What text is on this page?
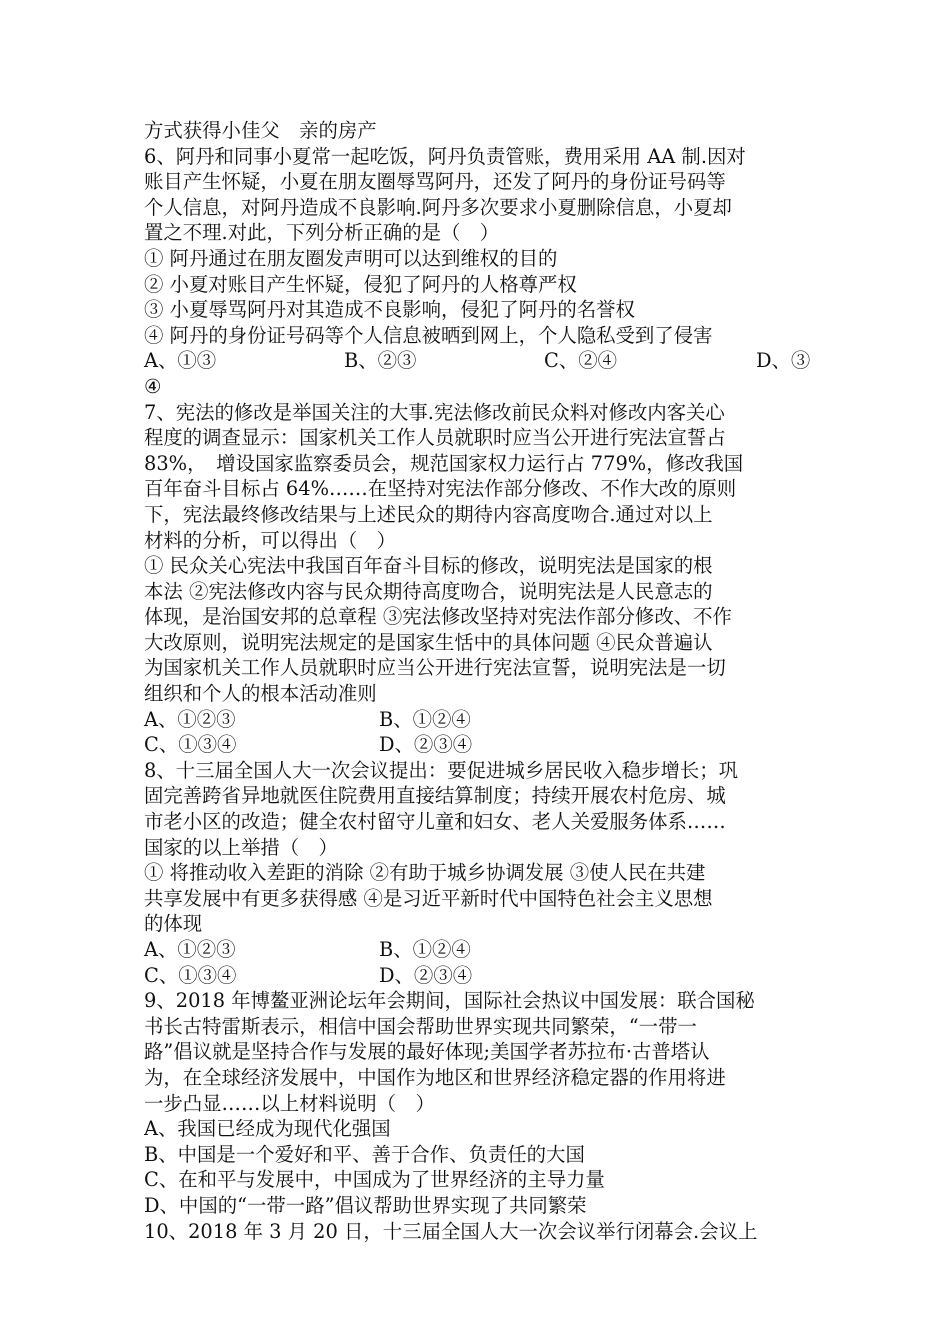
方式获得小佳父　亲的房产
6、阿丹和同事小夏常一起吃饭，阿丹负责管账，费用采用 AA 制.因对
账目产生怀疑，小夏在朋友圈辱骂阿丹，还发了阿丹的身份证号码等
个人信息，对阿丹造成不良影响.阿丹多次要求小夏删除信息，小夏却
置之不理.对此，下列分析正确的是（　）
① 阿丹通过在朋友圈发声明可以达到维权的目的
② 小夏对账目产生怀疑，侵犯了阿丹的人格尊严权
③ 小夏辱骂阿丹对其造成不良影响，侵犯了阿丹的名誉权
④ 阿丹的身份证号码等个人信息被晒到网上，个人隐私受到了侵害
A、①③	B、②③	C、②④	D、③
④
7、宪法的修改是举国关注的大事.宪法修改前民众料对修改内客关心
程度的调查显示：国家机关工作人员就职时应当公开进行宪法宣誓占
83%，　增设国家监察委员会，规范国家权力运行占 779%，修改我国
百年奋斗目标占 64%……在坚持对宪法作部分修改、不作大改的原则
下，宪法最终修改结果与上述民众的期待内容高度吻合.通过对以上
材料的分析，可以得出（　）
① 民众关心宪法中我国百年奋斗目标的修改，说明宪法是国家的根
本法 ②宪法修改内容与民众期待高度吻合，说明宪法是人民意志的
体现，是治国安邦的总章程 ③宪法修改坚持对宪法作部分修改、不作
大改原则，说明宪法规定的是国家生恬中的具体问题 ④民众普遍认
为国家机关工作人员就职时应当公开进行宪法宣誓，说明宪法是一切
组织和个人的根本活动准则
A、①②③	B、①②④
C、①③④	D、②③④
8、十三届全国人大一次会议提出：要促进城乡居民收入稳步增长；巩
固完善跨省异地就医住院费用直接结算制度；持续开展农村危房、城
市老小区的改造；健全农村留守儿童和妇女、老人关爱服务体系……
国家的以上举措（　）
① 将推动收入差距的消除 ②有助于城乡协调发展 ③使人民在共建
共享发展中有更多获得感 ④是习近平新时代中国特色社会主义思想
的体现
A、①②③	B、①②④
C、①③④	D、②③④
9、2018 年博鳌亚洲论坛年会期间，国际社会热议中国发展：联合国秘
书长古特雷斯表示，相信中国会帮助世界实现共同繁荣，“一带一
路”倡议就是坚持合作与发展的最好体现;美国学者苏拉布·古普塔认
为，在全球经济发展中，中国作为地区和世界经济稳定器的作用将进
一步凸显……以上材料说明（　）
A、我国已经成为现代化强国
B、中国是一个爱好和平、善于合作、负责任的大国
C、在和平与发展中，中国成为了世界经济的主导力量
D、中国的“一带一路”倡议帮助世界实现了共同繁荣
10、2018 年 3 月 20 日，十三届全国人大一次会议举行闭幕会.会议上
